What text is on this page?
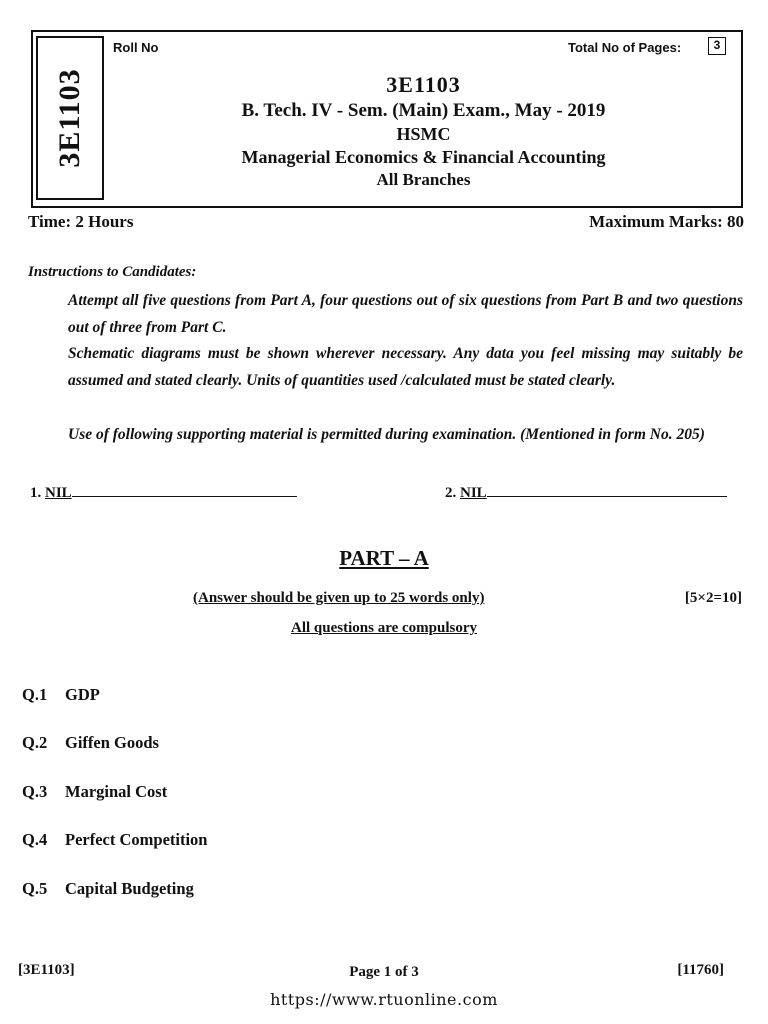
3E1103
Roll No	Total No of Pages:	3
3E1103
B. Tech. IV - Sem. (Main) Exam., May - 2019
HSMC
Managerial Economics & Financial Accounting
All Branches
Time: 2 Hours	Maximum Marks: 80
Instructions to Candidates:
Attempt all five questions from Part A, four questions out of six questions from Part B and two questions out of three from Part C.
Schematic diagrams must be shown wherever necessary. Any data you feel missing may suitably be assumed and stated clearly. Units of quantities used /calculated must be stated clearly.
Use of following supporting material is permitted during examination. (Mentioned in form No. 205)
1. NIL	2. NIL
PART – A
(Answer should be given up to 25 words only)	[5×2=10]
All questions are compulsory
Q.1 GDP
Q.2 Giffen Goods
Q.3 Marginal Cost
Q.4 Perfect Competition
Q.5 Capital Budgeting
[3E1103]	Page 1 of 3	[11760]
https://www.rtuonline.com
